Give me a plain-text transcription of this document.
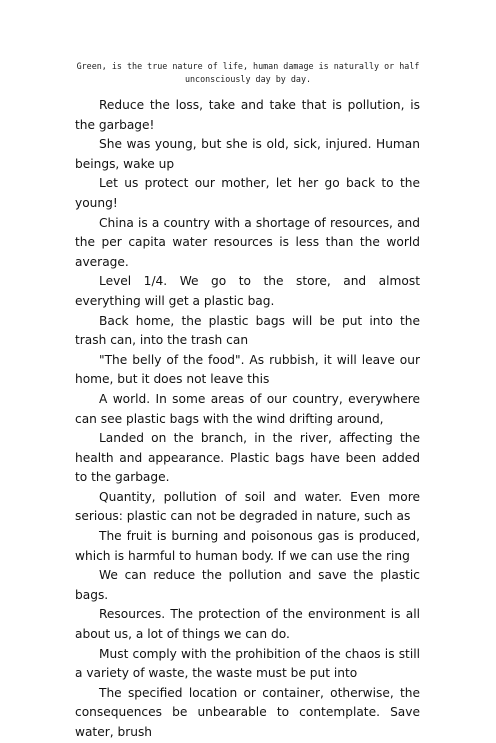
Green, is the true nature of life, human damage is naturally or half unconsciously day by day.

Reduce the loss, take and take that is pollution, is the garbage!

She was young, but she is old, sick, injured. Human beings, wake up

Let us protect our mother, let her go back to the young!

China is a country with a shortage of resources, and the per capita water resources is less than the world average.

Level 1/4. We go to the store, and almost everything will get a plastic bag.

Back home, the plastic bags will be put into the trash can, into the trash can

"The belly of the food". As rubbish, it will leave our home, but it does not leave this

A world. In some areas of our country, everywhere can see plastic bags with the wind drifting around,

Landed on the branch, in the river, affecting the health and appearance. Plastic bags have been added to the garbage.

Quantity, pollution of soil and water. Even more serious: plastic can not be degraded in nature, such as

The fruit is burning and poisonous gas is produced, which is harmful to human body. If we can use the ring

We can reduce the pollution and save the plastic bags.

Resources. The protection of the environment is all about us, a lot of things we can do.

Must comply with the prohibition of the chaos is still a variety of waste, the waste must be put into

The specified location or container, otherwise, the consequences be unbearable to contemplate. Save water, brush
